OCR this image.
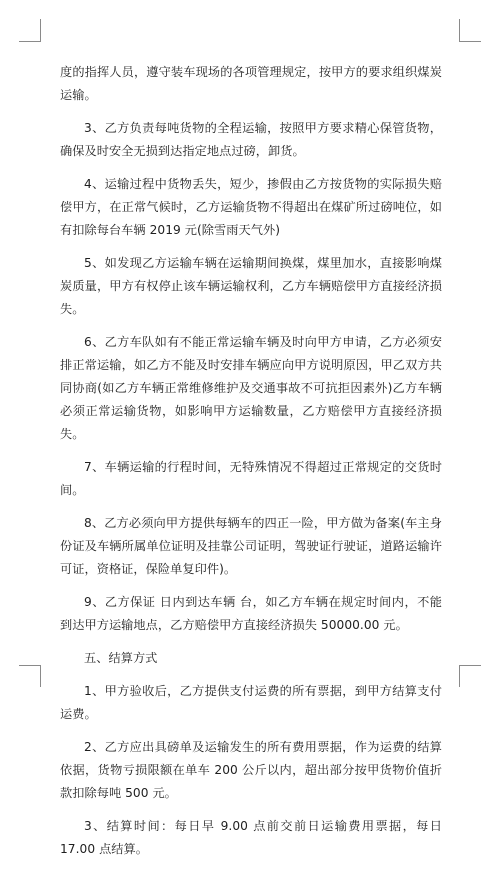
度的指挥人员，遵守装车现场的各项管理规定，按甲方的要求组织煤炭运输。

3、乙方负责每吨货物的全程运输，按照甲方要求精心保管货物，确保及时安全无损到达指定地点过磅，卸货。

4、运输过程中货物丢失，短少，掺假由乙方按货物的实际损失赔偿甲方，在正常气候时，乙方运输货物不得超出在煤矿所过磅吨位，如有扣除每台车辆 2019 元(除雪雨天气外)

5、如发现乙方运输车辆在运输期间换煤，煤里加水，直接影响煤炭质量，甲方有权停止该车辆运输权利，乙方车辆赔偿甲方直接经济损失。

6、乙方车队如有不能正常运输车辆及时向甲方申请，乙方必须安排正常运输，如乙方不能及时安排车辆应向甲方说明原因，甲乙双方共同协商(如乙方车辆正常维修维护及交通事故不可抗拒因素外)乙方车辆必须正常运输货物，如影响甲方运输数量，乙方赔偿甲方直接经济损失。

7、车辆运输的行程时间，无特殊情况不得超过正常规定的交货时间。

8、乙方必须向甲方提供每辆车的四正一险，甲方做为备案(车主身份证及车辆所属单位证明及挂靠公司证明，驾驶证行驶证，道路运输许可证，资格证，保险单复印件)。

9、乙方保证 日内到达车辆 台，如乙方车辆在规定时间内，不能到达甲方运输地点，乙方赔偿甲方直接经济损失 50000.00 元。

五、结算方式

1、甲方验收后，乙方提供支付运费的所有票据，到甲方结算支付运费。

2、乙方应出具磅单及运输发生的所有费用票据，作为运费的结算依据，货物亏损限额在单车 200 公斤以内，超出部分按甲货物价值折款扣除每吨 500 元。

3、结算时间：每日早 9.00 点前交前日运输费用票据，每日 17.00 点结算。
